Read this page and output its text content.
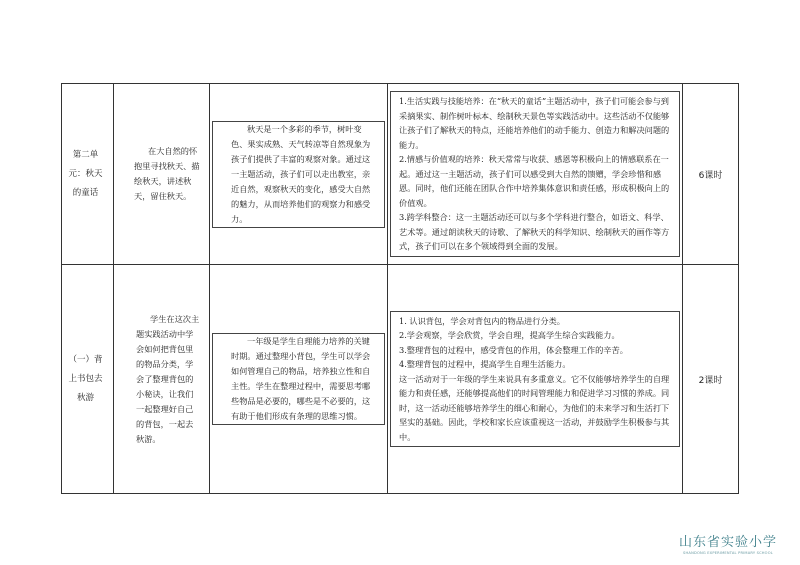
第二单元：秋天的童话	在大自然的怀抱里寻找秋天、描绘秋天，讲述秋天，留住秋天。	秋天是一个多彩的季节，树叶变色、果实成熟、天气转凉等自然现象为孩子们提供了丰富的观察对象。通过这一主题活动，孩子们可以走出教室，亲近自然，观察秋天的变化，感受大自然的魅力，从而培养他们的观察力和感受力。	1.生活实践与技能培养：在“秋天的童话”主题活动中，孩子们可能会参与到采摘果实、制作树叶标本、绘制秋天景色等实践活动中。这些活动不仅能够让孩子们了解秋天的特点，还能培养他们的动手能力、创造力和解决问题的能力。

2.情感与价值观的培养：秋天常常与收获、感恩等积极向上的情感联系在一起。通过这一主题活动，孩子们可以感受到大自然的馈赠，学会珍惜和感恩。同时，他们还能在团队合作中培养集体意识和责任感，形成积极向上的价值观。

3.跨学科整合：这一主题活动还可以与多个学科进行整合，如语文、科学、艺术等。通过朗读秋天的诗歌、了解秋天的科学知识、绘制秋天的画作等方式，孩子们可以在多个领域得到全面的发展。	6课时

（一）背上书包去秋游	学生在这次主题实践活动中学会如何把背包里的物品分类，学会了整理背包的小秘诀，让我们一起整理好自己的背包，一起去秋游。	一年级是学生自理能力培养的关键时期。通过整理小背包，学生可以学会如何管理自己的物品，培养独立性和自主性。学生在整理过程中，需要思考哪些物品是必要的，哪些是不必要的，这有助于他们形成有条理的思维习惯。	1. 认识背包，学会对背包内的物品进行分类。

2.学会观察，学会欣赏，学会自理，提高学生综合实践能力。

3.整理背包的过程中，感受背包的作用，体会整理工作的辛苦。

4.整理背包的过程中，提高学生自理生活能力。

这一活动对于一年级的学生来说具有多重意义。它不仅能够培养学生的自理能力和责任感，还能够提高他们的时间管理能力和促进学习习惯的养成。同时，这一活动还能够培养学生的细心和耐心，为他们的未来学习和生活打下坚实的基础。因此，学校和家长应该重视这一活动，并鼓励学生积极参与其中。	2课时
山东省实验小学
SHANDONG EXPERIMENTAL PRIMARY SCHOOL
